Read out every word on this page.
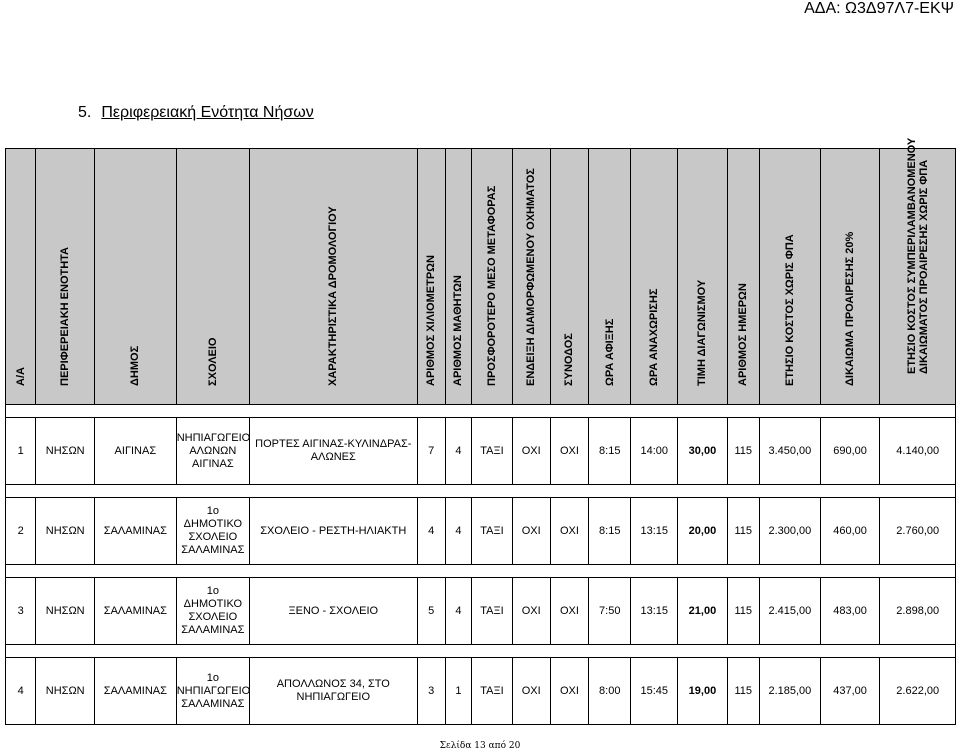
ΑΔΑ: Ω3Δ97Λ7-ΕΚΨ
5. Περιφερειακή Ενότητα Νήσων
Α/Α	ΠΕΡΙΦΕΡΕΙΑΚΗ ΕΝΟΤΗΤΑ	ΔΗΜΟΣ	ΣΧΟΛΕΙΟ	ΧΑΡΑΚΤΗΡΙΣΤΙΚΑ ΔΡΟΜΟΛΟΓΙΟΥ	ΑΡΙΘΜΟΣ ΧΙΛΙΟΜΕΤΡΩΝ	ΑΡΙΘΜΟΣ ΜΑΘΗΤΩΝ	ΠΡΟΣΦΟΡΟΤΕΡΟ ΜΕΣΟ ΜΕΤΑΦΟΡΑΣ	ΕΝΔΕΙΞΗ ΔΙΑΜΟΡΦΩΜΕΝΟΥ ΟΧΗΜΑΤΟΣ	ΣΥΝΟΔΟΣ	ΩΡΑ ΑΦΙΞΗΣ	ΩΡΑ ΑΝΑΧΩΡΙΣΗΣ	ΤΙΜΗ ΔΙΑΓΩΝΙΣΜΟΥ	ΑΡΙΘΜΟΣ ΗΜΕΡΩΝ	ΕΤΗΣΙΟ ΚΟΣΤΟΣ ΧΩΡΙΣ ΦΠΑ	ΔΙΚΑΙΩΜΑ ΠΡΟΑΙΡΕΣΗΣ 20%	ΕΤΗΣΙΟ ΚΟΣΤΟΣ ΣΥΜΠΕΡΙΛΑΜΒΑΝΟΜΕΝΟΥ
ΔΙΚΑΙΩΜΑΤΟΣ ΠΡΟΑΙΡΕΣΗΣ ΧΩΡΙΣ ΦΠΑ

1	ΝΗΣΩΝ	ΑΙΓΙΝΑΣ	ΝΗΠΙΑΓΩΓΕΙΟ ΑΛΩΝΩΝ ΑΙΓΙΝΑΣ	ΠΟΡΤΕΣ ΑΙΓΙΝΑΣ-ΚΥΛΙΝΔΡΑΣ-ΑΛΩΝΕΣ	7	4	ΤΑΞΙ	ΟΧΙ	ΟΧΙ	8:15	14:00	30,00	115	3.450,00	690,00	4.140,00

2	ΝΗΣΩΝ	ΣΑΛΑΜΙΝΑΣ	1ο ΔΗΜΟΤΙΚΟ ΣΧΟΛΕΙΟ ΣΑΛΑΜΙΝΑΣ	ΣΧΟΛΕΙΟ - ΡΕΣΤΗ-ΗΛΙΑΚΤΗ	4	4	ΤΑΞΙ	ΟΧΙ	ΟΧΙ	8:15	13:15	20,00	115	2.300,00	460,00	2.760,00

3	ΝΗΣΩΝ	ΣΑΛΑΜΙΝΑΣ	1ο ΔΗΜΟΤΙΚΟ ΣΧΟΛΕΙΟ ΣΑΛΑΜΙΝΑΣ	ΞΕΝΟ - ΣΧΟΛΕΙΟ	5	4	ΤΑΞΙ	ΟΧΙ	ΟΧΙ	7:50	13:15	21,00	115	2.415,00	483,00	2.898,00

4	ΝΗΣΩΝ	ΣΑΛΑΜΙΝΑΣ	1ο ΝΗΠΙΑΓΩΓΕΙΟ ΣΑΛΑΜΙΝΑΣ	ΑΠΟΛΛΩΝΟΣ 34, ΣΤΟ ΝΗΠΙΑΓΩΓΕΙΟ	3	1	ΤΑΞΙ	ΟΧΙ	ΟΧΙ	8:00	15:45	19,00	115	2.185,00	437,00	2.622,00
Σελίδα 13 από 20
